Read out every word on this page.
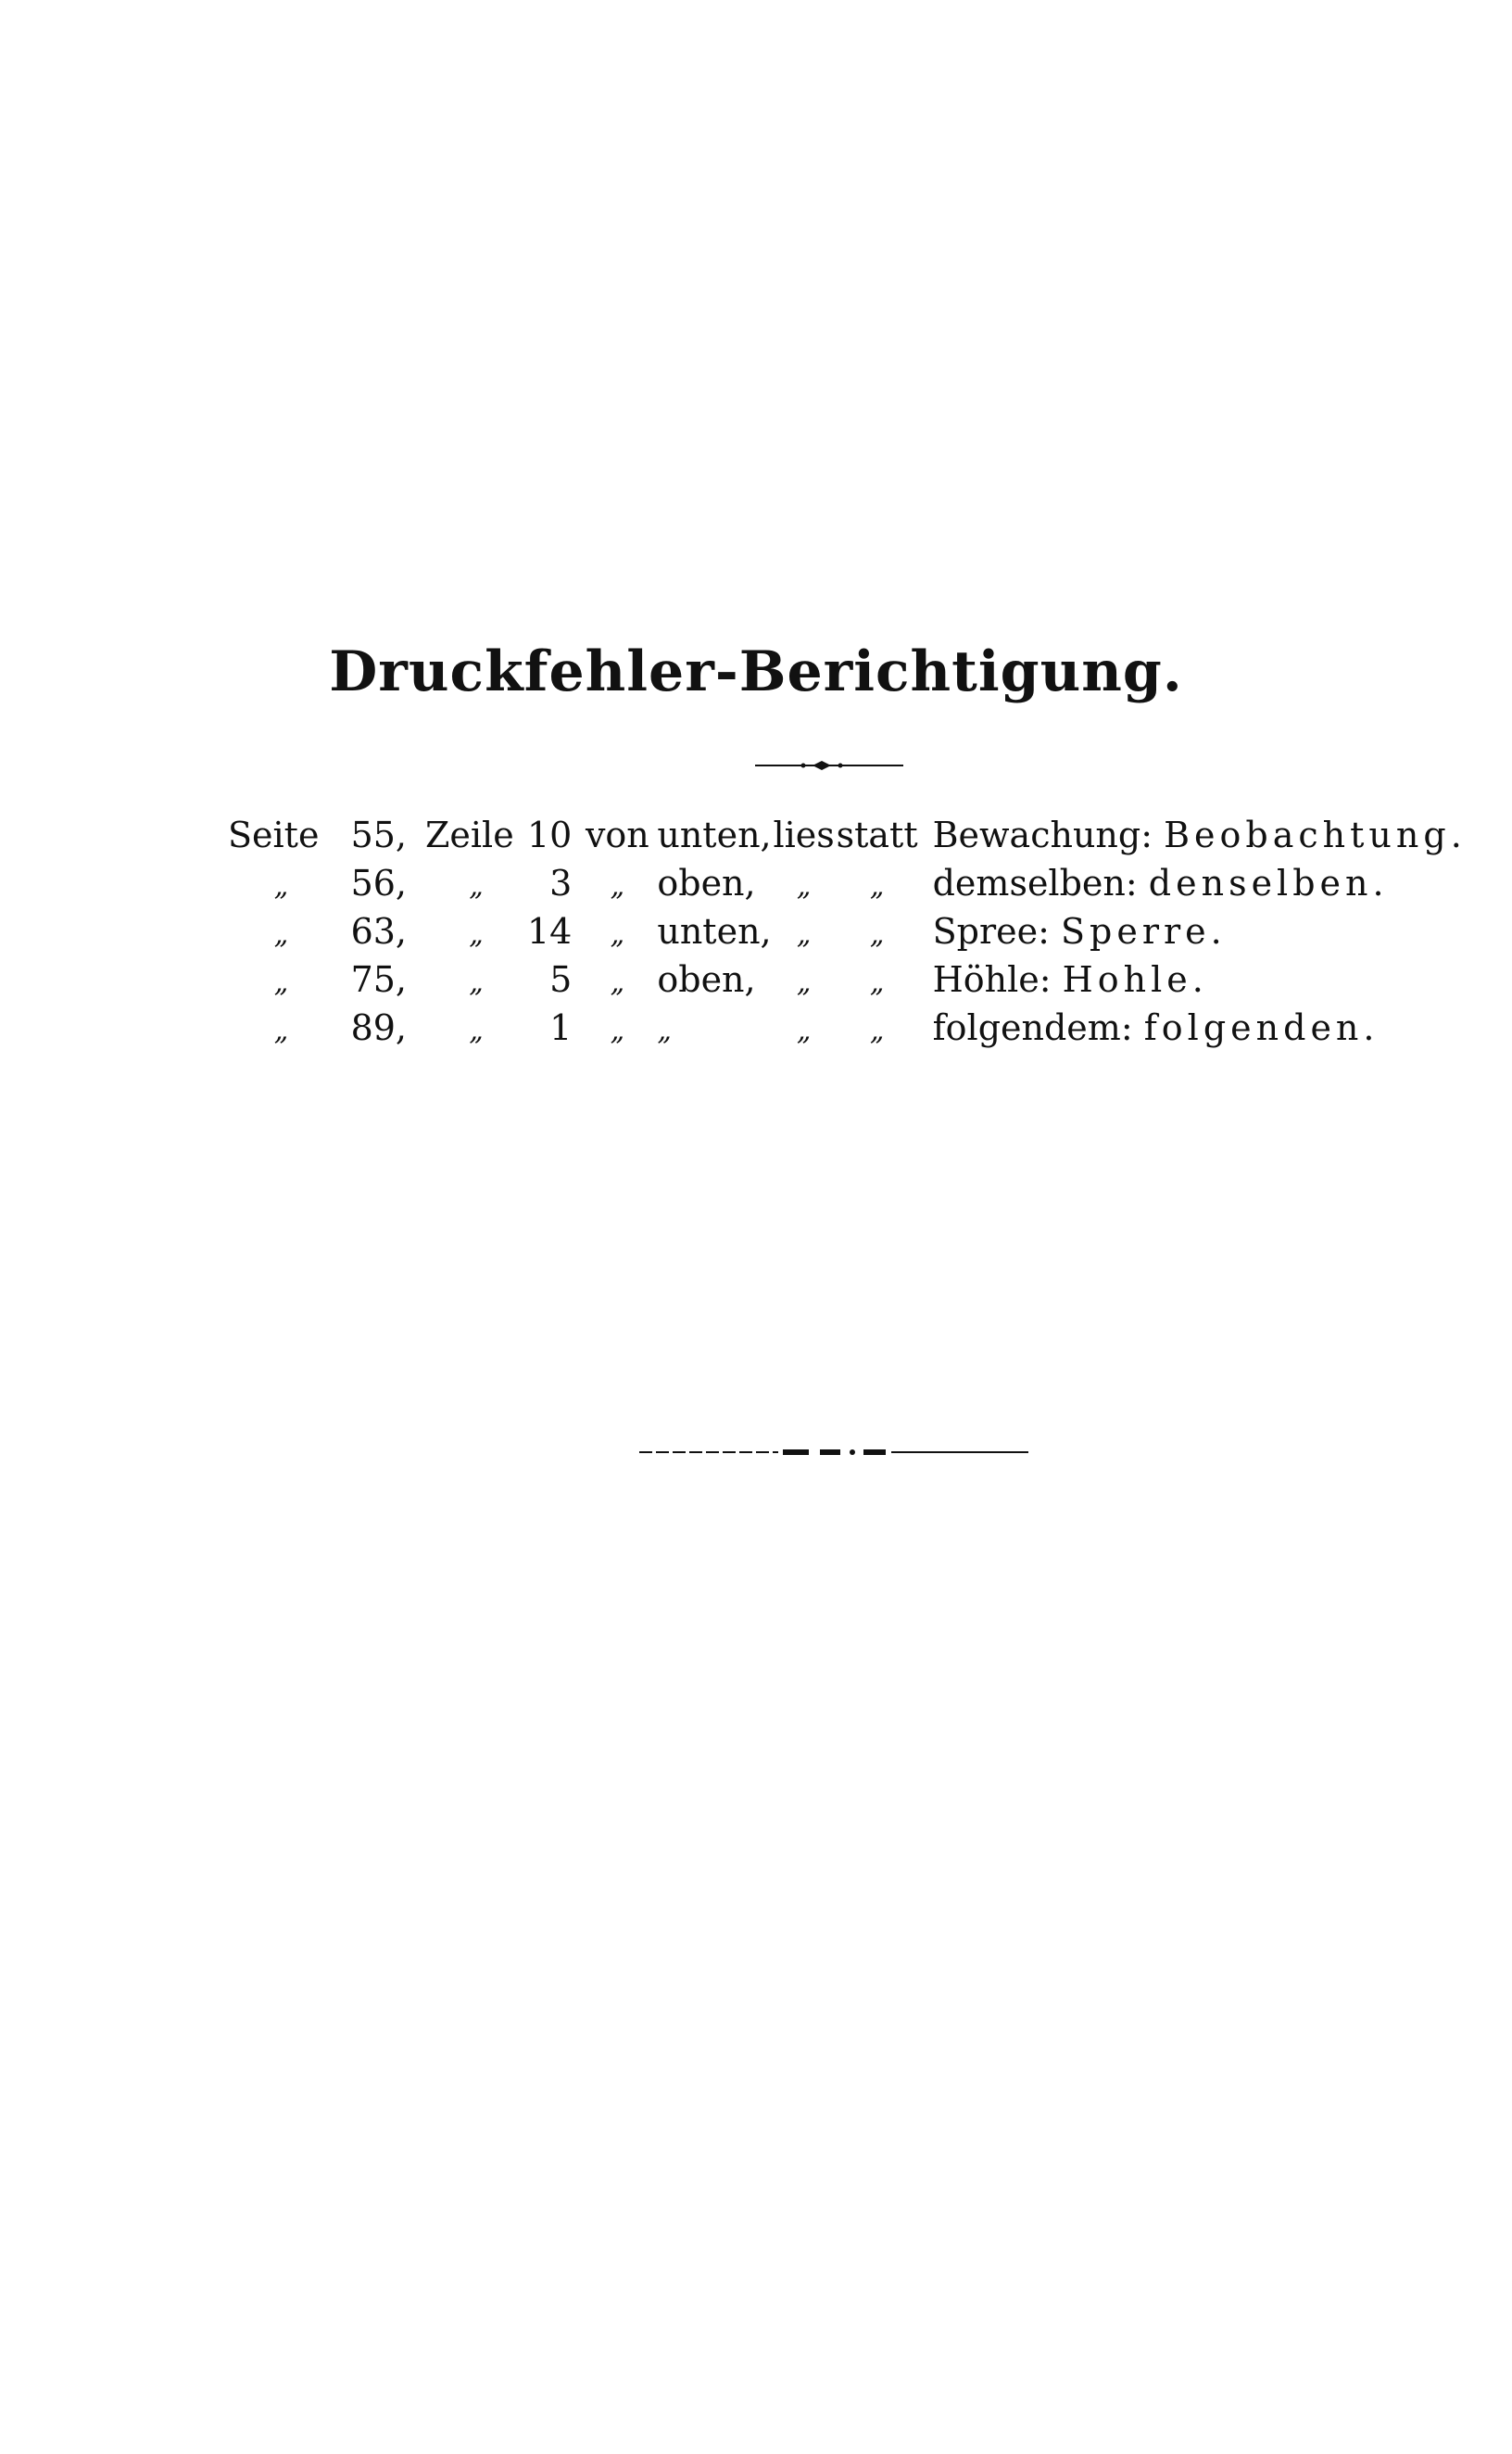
Druckfehler-Berichtigung.
Seite	55,	Zeile	10	von	unten,	lies	statt	Bewachung: Beobachtung.
„	56,	„	3	„	oben,	„	„	demselben: denselben.
„	63,	„	14	„	unten,	„	„	Spree: Sperre.
„	75,	„	5	„	oben,	„	„	Höhle: Hohle.
„	89,	„	1	„	„	„	„	folgendem: folgenden.
